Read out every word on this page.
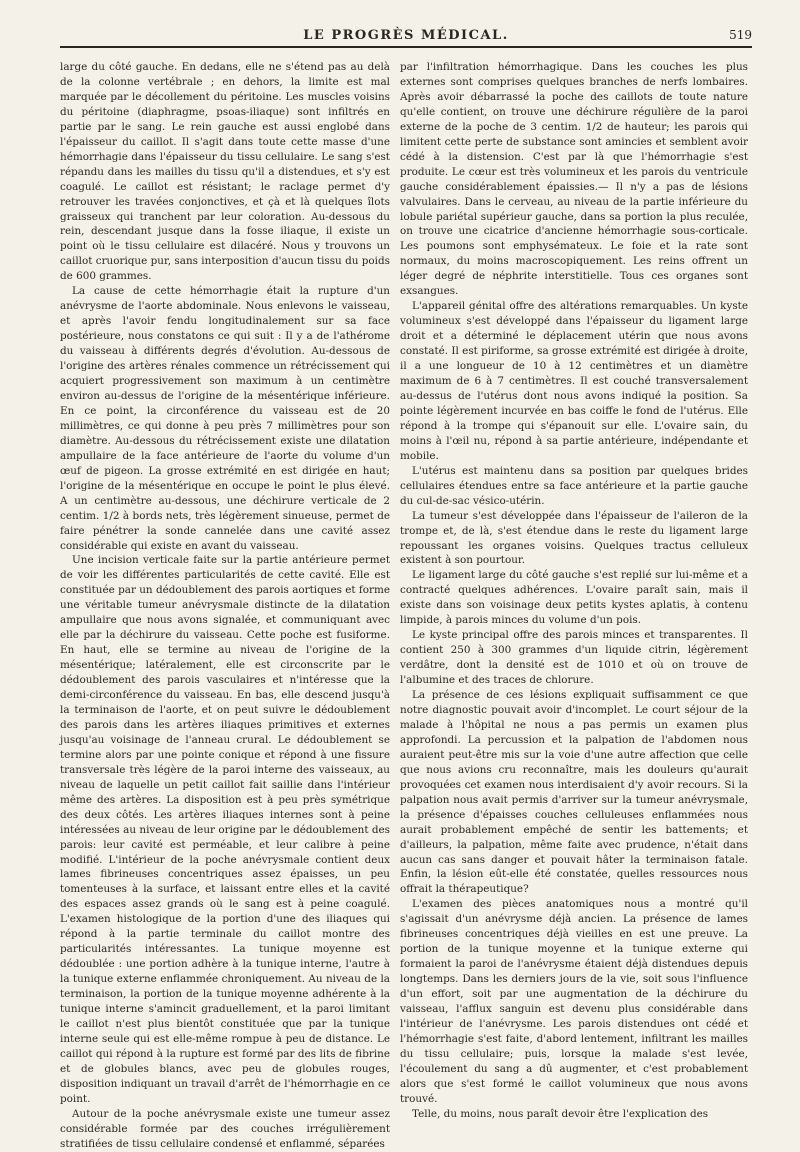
LE PROGRÈS MÉDICAL.	519

large du côté gauche. En dedans, elle ne s'étend pas au delà de la colonne vertébrale ; en dehors, la limite est mal marquée par le décollement du péritoine. Les muscles voisins du péritoine (diaphragme, psoas-iliaque) sont infiltrés en partie par le sang. Le rein gauche est aussi englobé dans l'épaisseur du caillot. Il s'agit dans toute cette masse d'une hémorrhagie dans l'épaisseur du tissu cellulaire. Le sang s'est répandu dans les mailles du tissu qu'il a distendues, et s'y est coagulé. Le caillot est résistant; le raclage permet d'y retrouver les travées conjonctives, et çà et là quelques îlots graisseux qui tranchent par leur coloration. Au-dessous du rein, descendant jusque dans la fosse iliaque, il existe un point où le tissu cellulaire est dilacéré. Nous y trouvons un caillot cruorique pur, sans interposition d'aucun tissu du poids de 600 grammes.

La cause de cette hémorrhagie était la rupture d'un anévrysme de l'aorte abdominale. Nous enlevons le vaisseau, et après l'avoir fendu longitudinalement sur sa face postérieure, nous constatons ce qui suit : Il y a de l'athérome du vaisseau à différents degrés d'évolution. Au-dessous de l'origine des artères rénales commence un rétrécissement qui acquiert progressivement son maximum à un centimètre environ au-dessus de l'origine de la mésentérique inférieure. En ce point, la circonférence du vaisseau est de 20 millimètres, ce qui donne à peu près 7 millimètres pour son diamètre. Au-dessous du rétrécissement existe une dilatation ampullaire de la face antérieure de l'aorte du volume d'un œuf de pigeon. La grosse extrémité en est dirigée en haut; l'origine de la mésentérique en occupe le point le plus élevé. A un centimètre au-dessous, une déchirure verticale de 2 centim. 1/2 à bords nets, très légèrement sinueuse, permet de faire pénétrer la sonde cannelée dans une cavité assez considérable qui existe en avant du vaisseau.

Une incision verticale faite sur la partie antérieure permet de voir les différentes particularités de cette cavité. Elle est constituée par un dédoublement des parois aortiques et forme une véritable tumeur anévrysmale distincte de la dilatation ampullaire que nous avons signalée, et communiquant avec elle par la déchirure du vaisseau. Cette poche est fusiforme. En haut, elle se termine au niveau de l'origine de la mésentérique; latéralement, elle est circonscrite par le dédoublement des parois vasculaires et n'intéresse que la demi-circonférence du vaisseau. En bas, elle descend jusqu'à la terminaison de l'aorte, et on peut suivre le dédoublement des parois dans les artères iliaques primitives et externes jusqu'au voisinage de l'anneau crural. Le dédoublement se termine alors par une pointe conique et répond à une fissure transversale très légère de la paroi interne des vaisseaux, au niveau de laquelle un petit caillot fait saillie dans l'intérieur même des artères. La disposition est à peu près symétrique des deux côtés. Les artères iliaques internes sont à peine intéressées au niveau de leur origine par le dédoublement des parois: leur cavité est perméable, et leur calibre à peine modifié. L'intérieur de la poche anévrysmale contient deux lames fibrineuses concentriques assez épaisses, un peu tomenteuses à la surface, et laissant entre elles et la cavité des espaces assez grands où le sang est à peine coagulé. L'examen histologique de la portion d'une des iliaques qui répond à la partie terminale du caillot montre des particularités intéressantes. La tunique moyenne est dédoublée : une portion adhère à la tunique interne, l'autre à la tunique externe enflammée chroniquement. Au niveau de la terminaison, la portion de la tunique moyenne adhérente à la tunique interne s'amincit graduellement, et la paroi limitant le caillot n'est plus bientôt constituée que par la tunique interne seule qui est elle-même rompue à peu de distance. Le caillot qui répond à la rupture est formé par des lits de fibrine et de globules blancs, avec peu de globules rouges, disposition indiquant un travail d'arrêt de l'hémorrhagie en ce point.

Autour de la poche anévrysmale existe une tumeur assez considérable formée par des couches irrégulièrement stratifiées de tissu cellulaire condensé et enflammé, séparées

par l'infiltration hémorrhagique. Dans les couches les plus externes sont comprises quelques branches de nerfs lombaires. Après avoir débarrassé la poche des caillots de toute nature qu'elle contient, on trouve une déchirure régulière de la paroi externe de la poche de 3 centim. 1/2 de hauteur; les parois qui limitent cette perte de substance sont amincies et semblent avoir cédé à la distension. C'est par là que l'hémorrhagie s'est produite. Le cœur est très volumineux et les parois du ventricule gauche considérablement épaissies.— Il n'y a pas de lésions valvulaires. Dans le cerveau, au niveau de la partie inférieure du lobule pariétal supérieur gauche, dans sa portion la plus reculée, on trouve une cicatrice d'ancienne hémorrhagie sous-corticale. Les poumons sont emphysémateux. Le foie et la rate sont normaux, du moins macroscopiquement. Les reins offrent un léger degré de néphrite interstitielle. Tous ces organes sont exsangues.

L'appareil génital offre des altérations remarquables. Un kyste volumineux s'est développé dans l'épaisseur du ligament large droit et a déterminé le déplacement utérin que nous avons constaté. Il est piriforme, sa grosse extrémité est dirigée à droite, il a une longueur de 10 à 12 centimètres et un diamètre maximum de 6 à 7 centimètres. Il est couché transversalement au-dessus de l'utérus dont nous avons indiqué la position. Sa pointe légèrement incurvée en bas coiffe le fond de l'utérus. Elle répond à la trompe qui s'épanouit sur elle. L'ovaire sain, du moins à l'œil nu, répond à sa partie antérieure, indépendante et mobile.

L'utérus est maintenu dans sa position par quelques brides cellulaires étendues entre sa face antérieure et la partie gauche du cul-de-sac vésico-utérin.

La tumeur s'est développée dans l'épaisseur de l'aileron de la trompe et, de là, s'est étendue dans le reste du ligament large repoussant les organes voisins. Quelques tractus celluleux existent à son pourtour.

Le ligament large du côté gauche s'est replié sur lui-même et a contracté quelques adhérences. L'ovaire paraît sain, mais il existe dans son voisinage deux petits kystes aplatis, à contenu limpide, à parois minces du volume d'un pois.

Le kyste principal offre des parois minces et transparentes. Il contient 250 à 300 grammes d'un liquide citrin, légèrement verdâtre, dont la densité est de 1010 et où on trouve de l'albumine et des traces de chlorure.

La présence de ces lésions expliquait suffisamment ce que notre diagnostic pouvait avoir d'incomplet. Le court séjour de la malade à l'hôpital ne nous a pas permis un examen plus approfondi. La percussion et la palpation de l'abdomen nous auraient peut-être mis sur la voie d'une autre affection que celle que nous avions cru reconnaître, mais les douleurs qu'aurait provoquées cet examen nous interdisaient d'y avoir recours. Si la palpation nous avait permis d'arriver sur la tumeur anévrysmale, la présence d'épaisses couches celluleuses enflammées nous aurait probablement empêché de sentir les battements; et d'ailleurs, la palpation, même faite avec prudence, n'était dans aucun cas sans danger et pouvait hâter la terminaison fatale. Enfin, la lésion eût-elle été constatée, quelles ressources nous offrait la thérapeutique?

L'examen des pièces anatomiques nous a montré qu'il s'agissait d'un anévrysme déjà ancien. La présence de lames fibrineuses concentriques déjà vieilles en est une preuve. La portion de la tunique moyenne et la tunique externe qui formaient la paroi de l'anévrysme étaient déjà distendues depuis longtemps. Dans les derniers jours de la vie, soit sous l'influence d'un effort, soit par une augmentation de la déchirure du vaisseau, l'afflux sanguin est devenu plus considérable dans l'intérieur de l'anévrysme. Les parois distendues ont cédé et l'hémorrhagie s'est faite, d'abord lentement, infiltrant les mailles du tissu cellulaire; puis, lorsque la malade s'est levée, l'écoulement du sang a dû augmenter, et c'est probablement alors que s'est formé le caillot volumineux que nous avons trouvé.

Telle, du moins, nous paraît devoir être l'explication des
